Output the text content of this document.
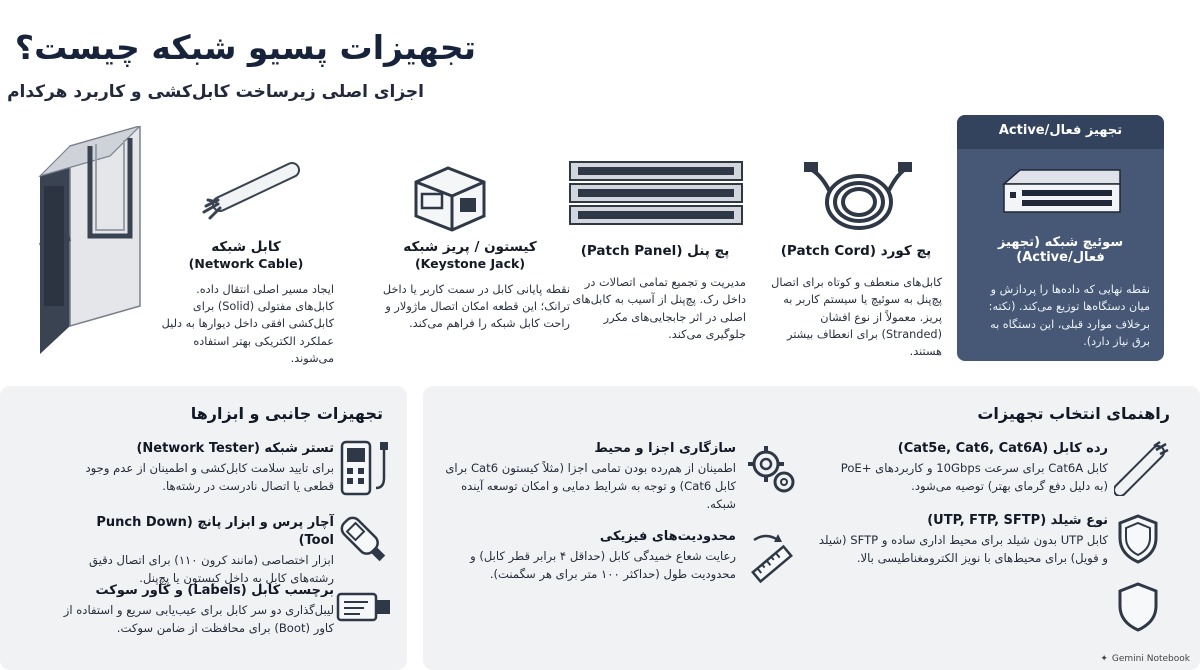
تجهیزات پسیو شبکه چیست؟
اجزای اصلی زیرساخت کابل‌کشی و کاربرد هرکدام
کابل شبکه
(Network Cable)
ایجاد مسیر اصلی انتقال داده. کابل‌های مفتولی (Solid) برای کابل‌کشی افقی داخل دیوارها به دلیل عملکرد الکتریکی بهتر استفاده می‌شوند.
کیستون / پریز شبکه
(Keystone Jack)
نقطه پایانی کابل در سمت کاربر یا داخل ترانک؛ این قطعه امکان اتصال ماژولار و راحت کابل شبکه را فراهم می‌کند.
پچ پنل (Patch Panel)
مدیریت و تجمیع تمامی اتصالات در داخل رک. پچ‌پنل از آسیب به کابل‌های اصلی در اثر جابجایی‌های مکرر جلوگیری می‌کند.
پچ کورد (Patch Cord)
کابل‌های منعطف و کوتاه برای اتصال پچ‌پنل به سوئیچ یا سیستم کاربر به پریز. معمولاً از نوع افشان (Stranded) برای انعطاف بیشتر هستند.
تجهیز فعال/Active
سوئیچ شبکه (تجهیز فعال/Active)
نقطه نهایی که داده‌ها را پردازش و میان دستگاه‌ها توزیع می‌کند. (نکته: برخلاف موارد قبلی، این دستگاه به برق نیاز دارد).
تجهیزات جانبی و ابزارها
تستر شبکه (Network Tester)
برای تایید سلامت کابل‌کشی و اطمینان از عدم وجود قطعی یا اتصال نادرست در رشته‌ها.
آچار پرس و ابزار پانچ (Punch Down Tool)
ابزار اختصاصی (مانند کرون ۱۱۰) برای اتصال دقیق رشته‌های کابل به داخل کیستون یا پچ‌پنل.
برچسب کابل (Labels) و کاور سوکت
لیبل‌گذاری دو سر کابل برای عیب‌یابی سریع و استفاده از کاور (Boot) برای محافظت از ضامن سوکت.
راهنمای انتخاب تجهیزات
رده کابل (Cat5e, Cat6, Cat6A)
کابل Cat6A برای سرعت 10Gbps و کاربردهای +PoE (به دلیل دفع گرمای بهتر) توصیه می‌شود.
نوع شیلد (UTP, FTP, SFTP)
کابل UTP بدون شیلد برای محیط اداری ساده و SFTP (شیلد و فویل) برای محیط‌های با نویز الکترومغناطیسی بالا.
سازگاری اجزا و محیط
اطمینان از هم‌رده بودن تمامی اجزا (مثلاً کیستون Cat6 برای کابل Cat6) و توجه به شرایط دمایی و امکان توسعه آینده شبکه.
محدودیت‌های فیزیکی
رعایت شعاع خمیدگی کابل (حداقل ۴ برابر قطر کابل) و محدودیت طول (حداکثر ۱۰۰ متر برای هر سگمنت).
✦ Gemini Notebook
